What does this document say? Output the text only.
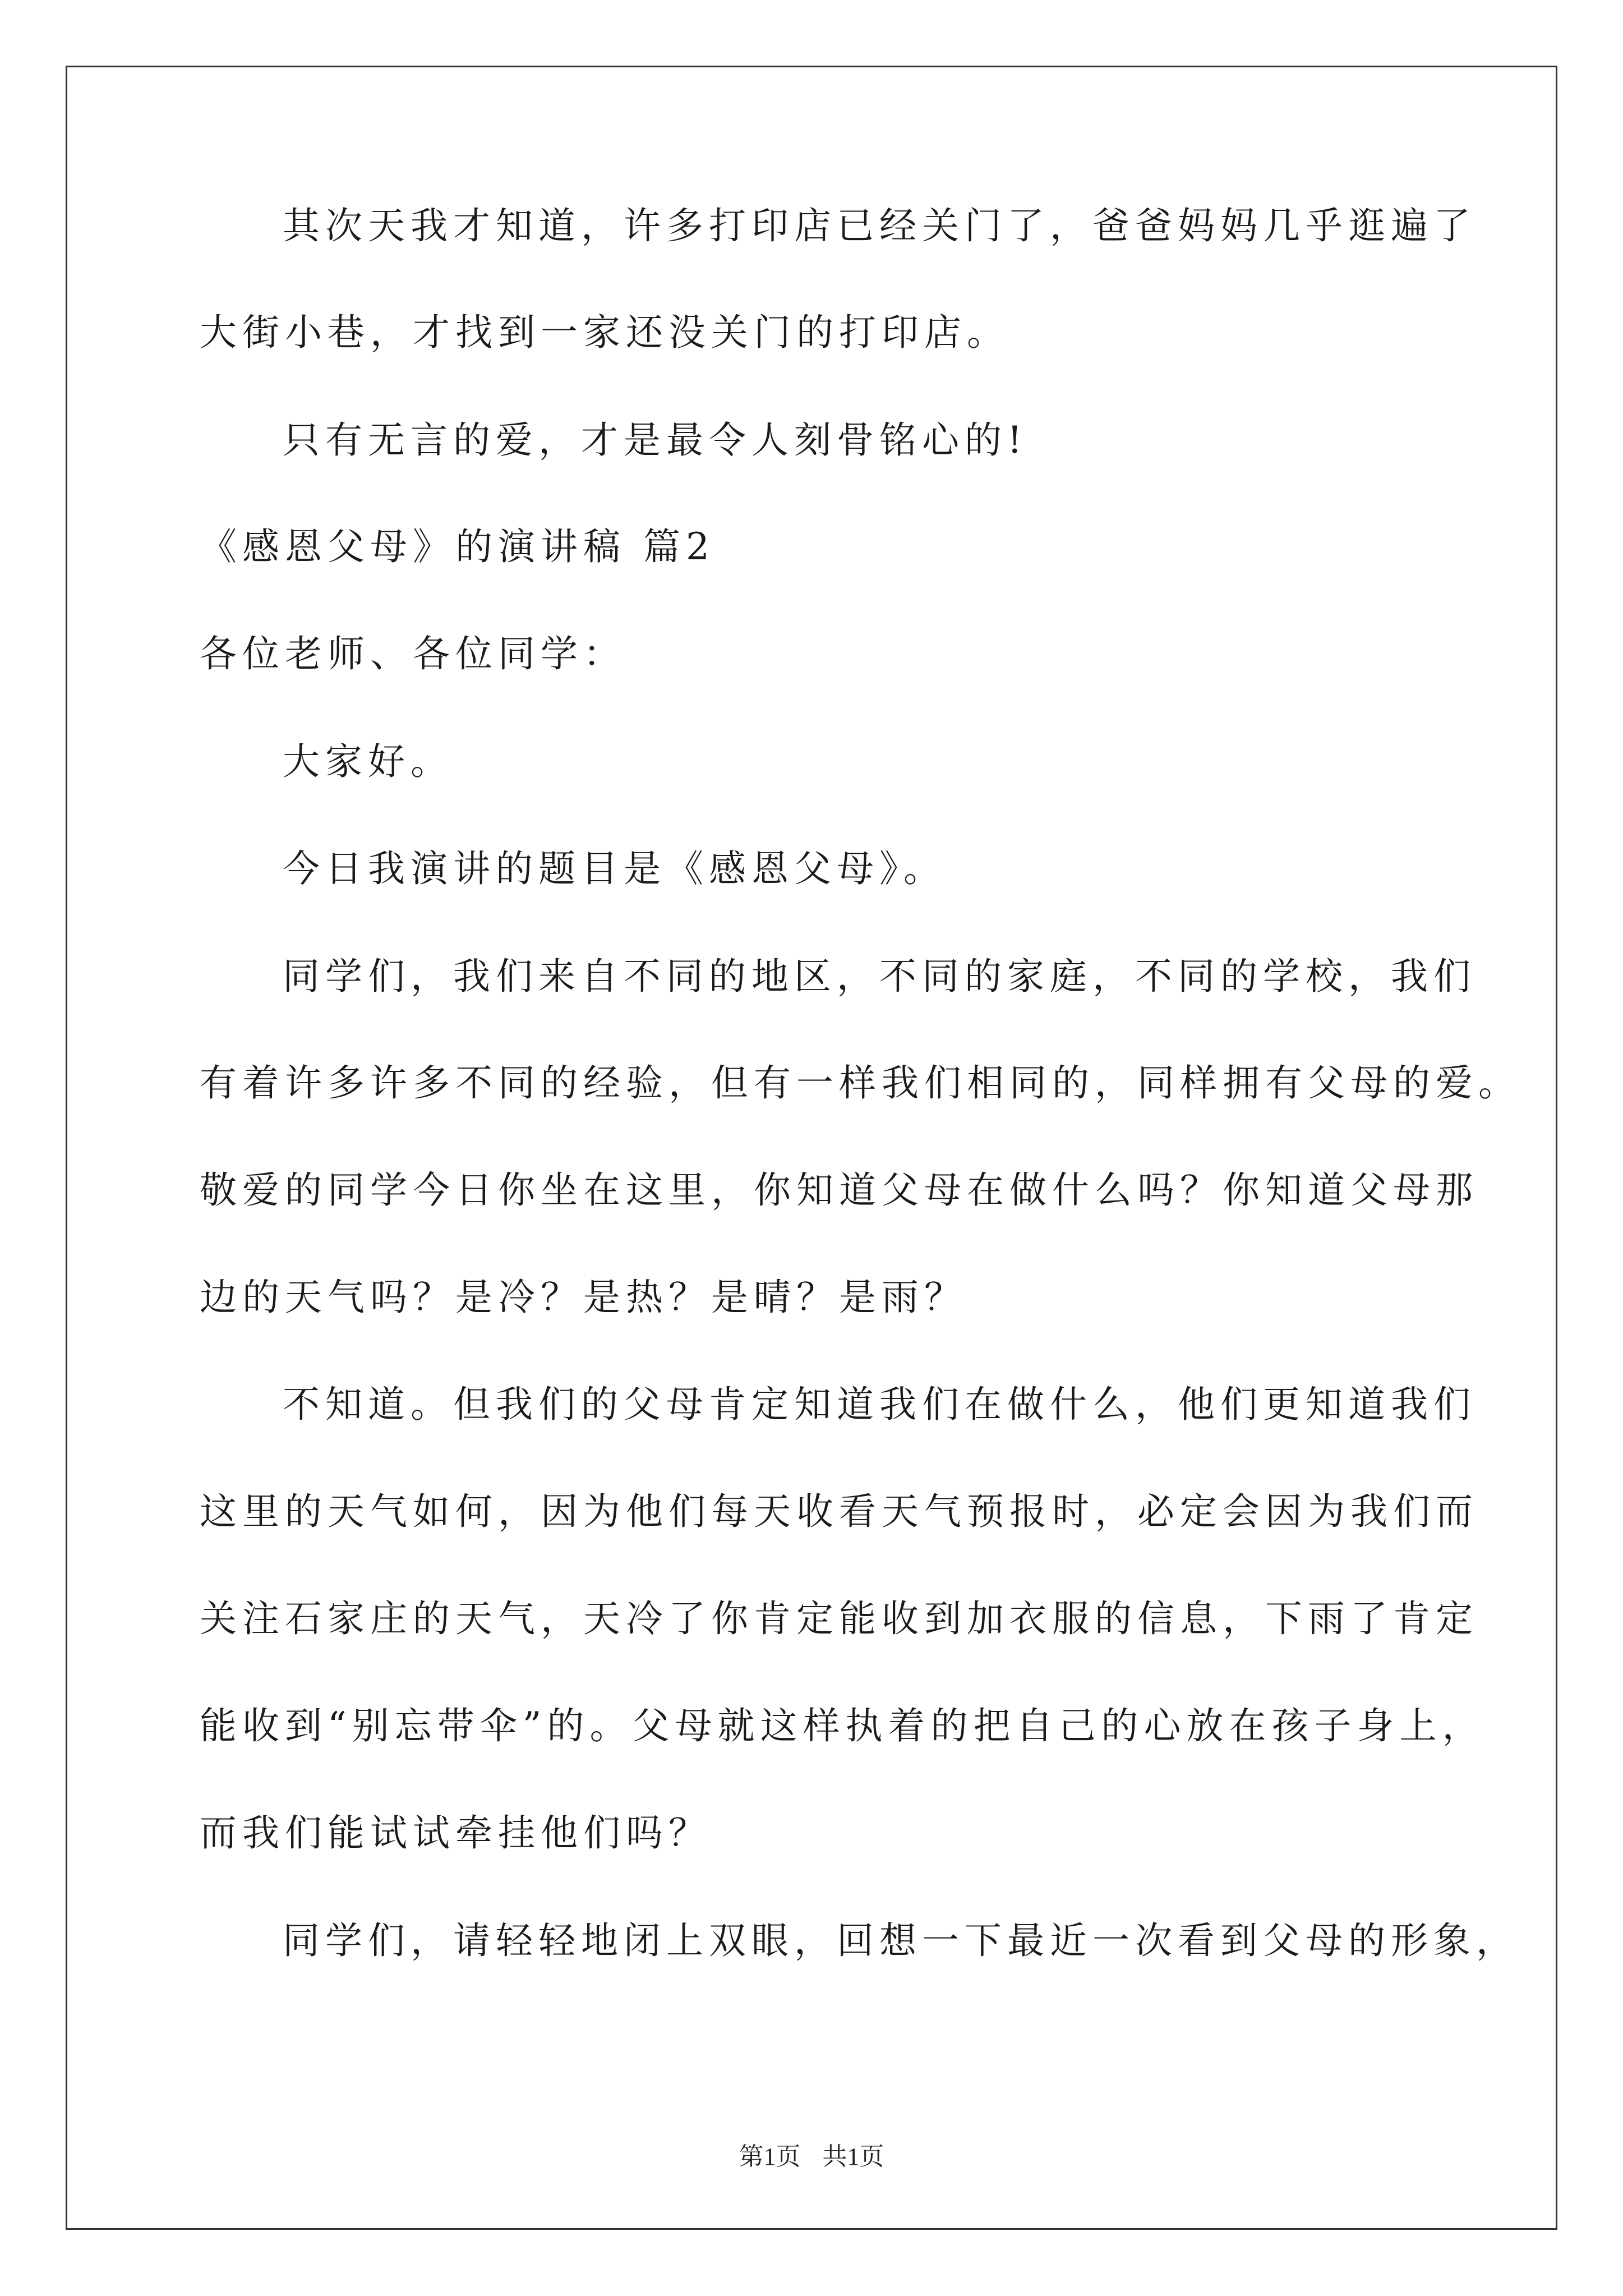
其次天我才知道，许多打印店已经关门了，爸爸妈妈几乎逛遍了
大街小巷，才找到一家还没关门的打印店。
只有无言的爱，才是最令人刻骨铭心的!
《感恩父母》的演讲稿 篇2
各位老师、各位同学：
大家好。
今日我演讲的题目是《感恩父母》。
同学们，我们来自不同的地区，不同的家庭，不同的学校，我们
有着许多许多不同的经验，但有一样我们相同的，同样拥有父母的爱。
敬爱的同学今日你坐在这里，你知道父母在做什么吗？你知道父母那
边的天气吗？是冷？是热？是晴？是雨？
不知道。但我们的父母肯定知道我们在做什么，他们更知道我们
这里的天气如何，因为他们每天收看天气预报时，必定会因为我们而
关注石家庄的天气，天冷了你肯定能收到加衣服的信息，下雨了肯定
能收到“别忘带伞”的。父母就这样执着的把自己的心放在孩子身上，
而我们能试试牵挂他们吗？
同学们，请轻轻地闭上双眼，回想一下最近一次看到父母的形象，
第1页 共1页
